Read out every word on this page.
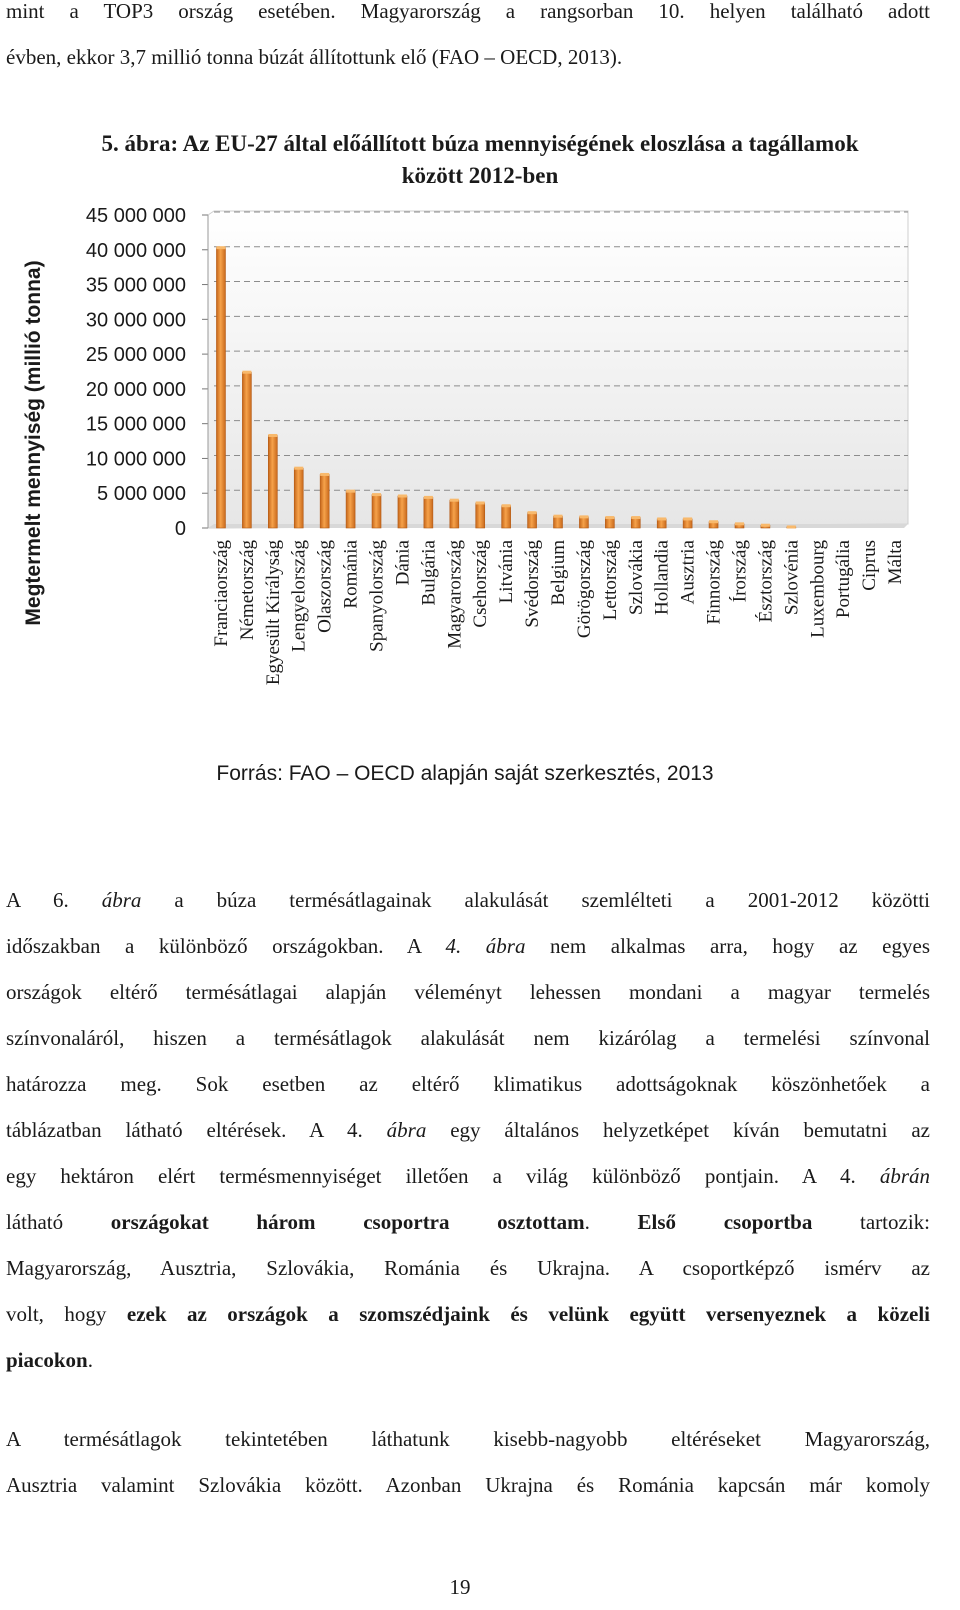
mint a TOP3 ország esetében. Magyarország a rangsorban 10. helyen található adott
évben, ekkor 3,7 millió tonna búzát állítottunk elő (FAO – OECD, 2013).
5. ábra: Az EU-27 által előállított búza mennyiségének eloszlása a tagállamok
között 2012-ben
Megtermelt mennyiség (millió tonna)	0
5 000 000
10 000 000
15 000 000
20 000 000
25 000 000
30 000 000
35 000 000
40 000 000
45 000 000
Franciaország Németország Egyesült Királyság Lengyelország Olaszország Románia Spanyolország Dánia Bulgária Magyarország Csehország Litvánia Svédország Belgium Görögország Lettország Szlovákia Hollandia Ausztria Finnország Írország Észtország Szlovénia Luxembourg Portugália Ciprus Málta
Forrás: FAO – OECD alapján saját szerkesztés, 2013
A 6. ábra a búza termésátlagainak alakulását szemlélteti a 2001-2012 közötti
időszakban a különböző országokban. A 4. ábra nem alkalmas arra, hogy az egyes
országok eltérő termésátlagai alapján véleményt lehessen mondani a magyar termelés
színvonaláról, hiszen a termésátlagok alakulását nem kizárólag a termelési színvonal
határozza meg. Sok esetben az eltérő klimatikus adottságoknak köszönhetőek a
táblázatban látható eltérések. A 4. ábra egy általános helyzetképet kíván bemutatni az
egy hektáron elért termésmennyiséget illetően a világ különböző pontjain. A 4. ábrán
látható országokat három csoportra osztottam. Első csoportba tartozik:
Magyarország, Ausztria, Szlovákia, Románia és Ukrajna. A csoportképző ismérv az
volt, hogy ezek az országok a szomszédjaink és velünk együtt versenyeznek a közeli
piacokon.
A termésátlagok tekintetében láthatunk kisebb-nagyobb eltéréseket Magyarország,
Ausztria valamint Szlovákia között. Azonban Ukrajna és Románia kapcsán már komoly
19
